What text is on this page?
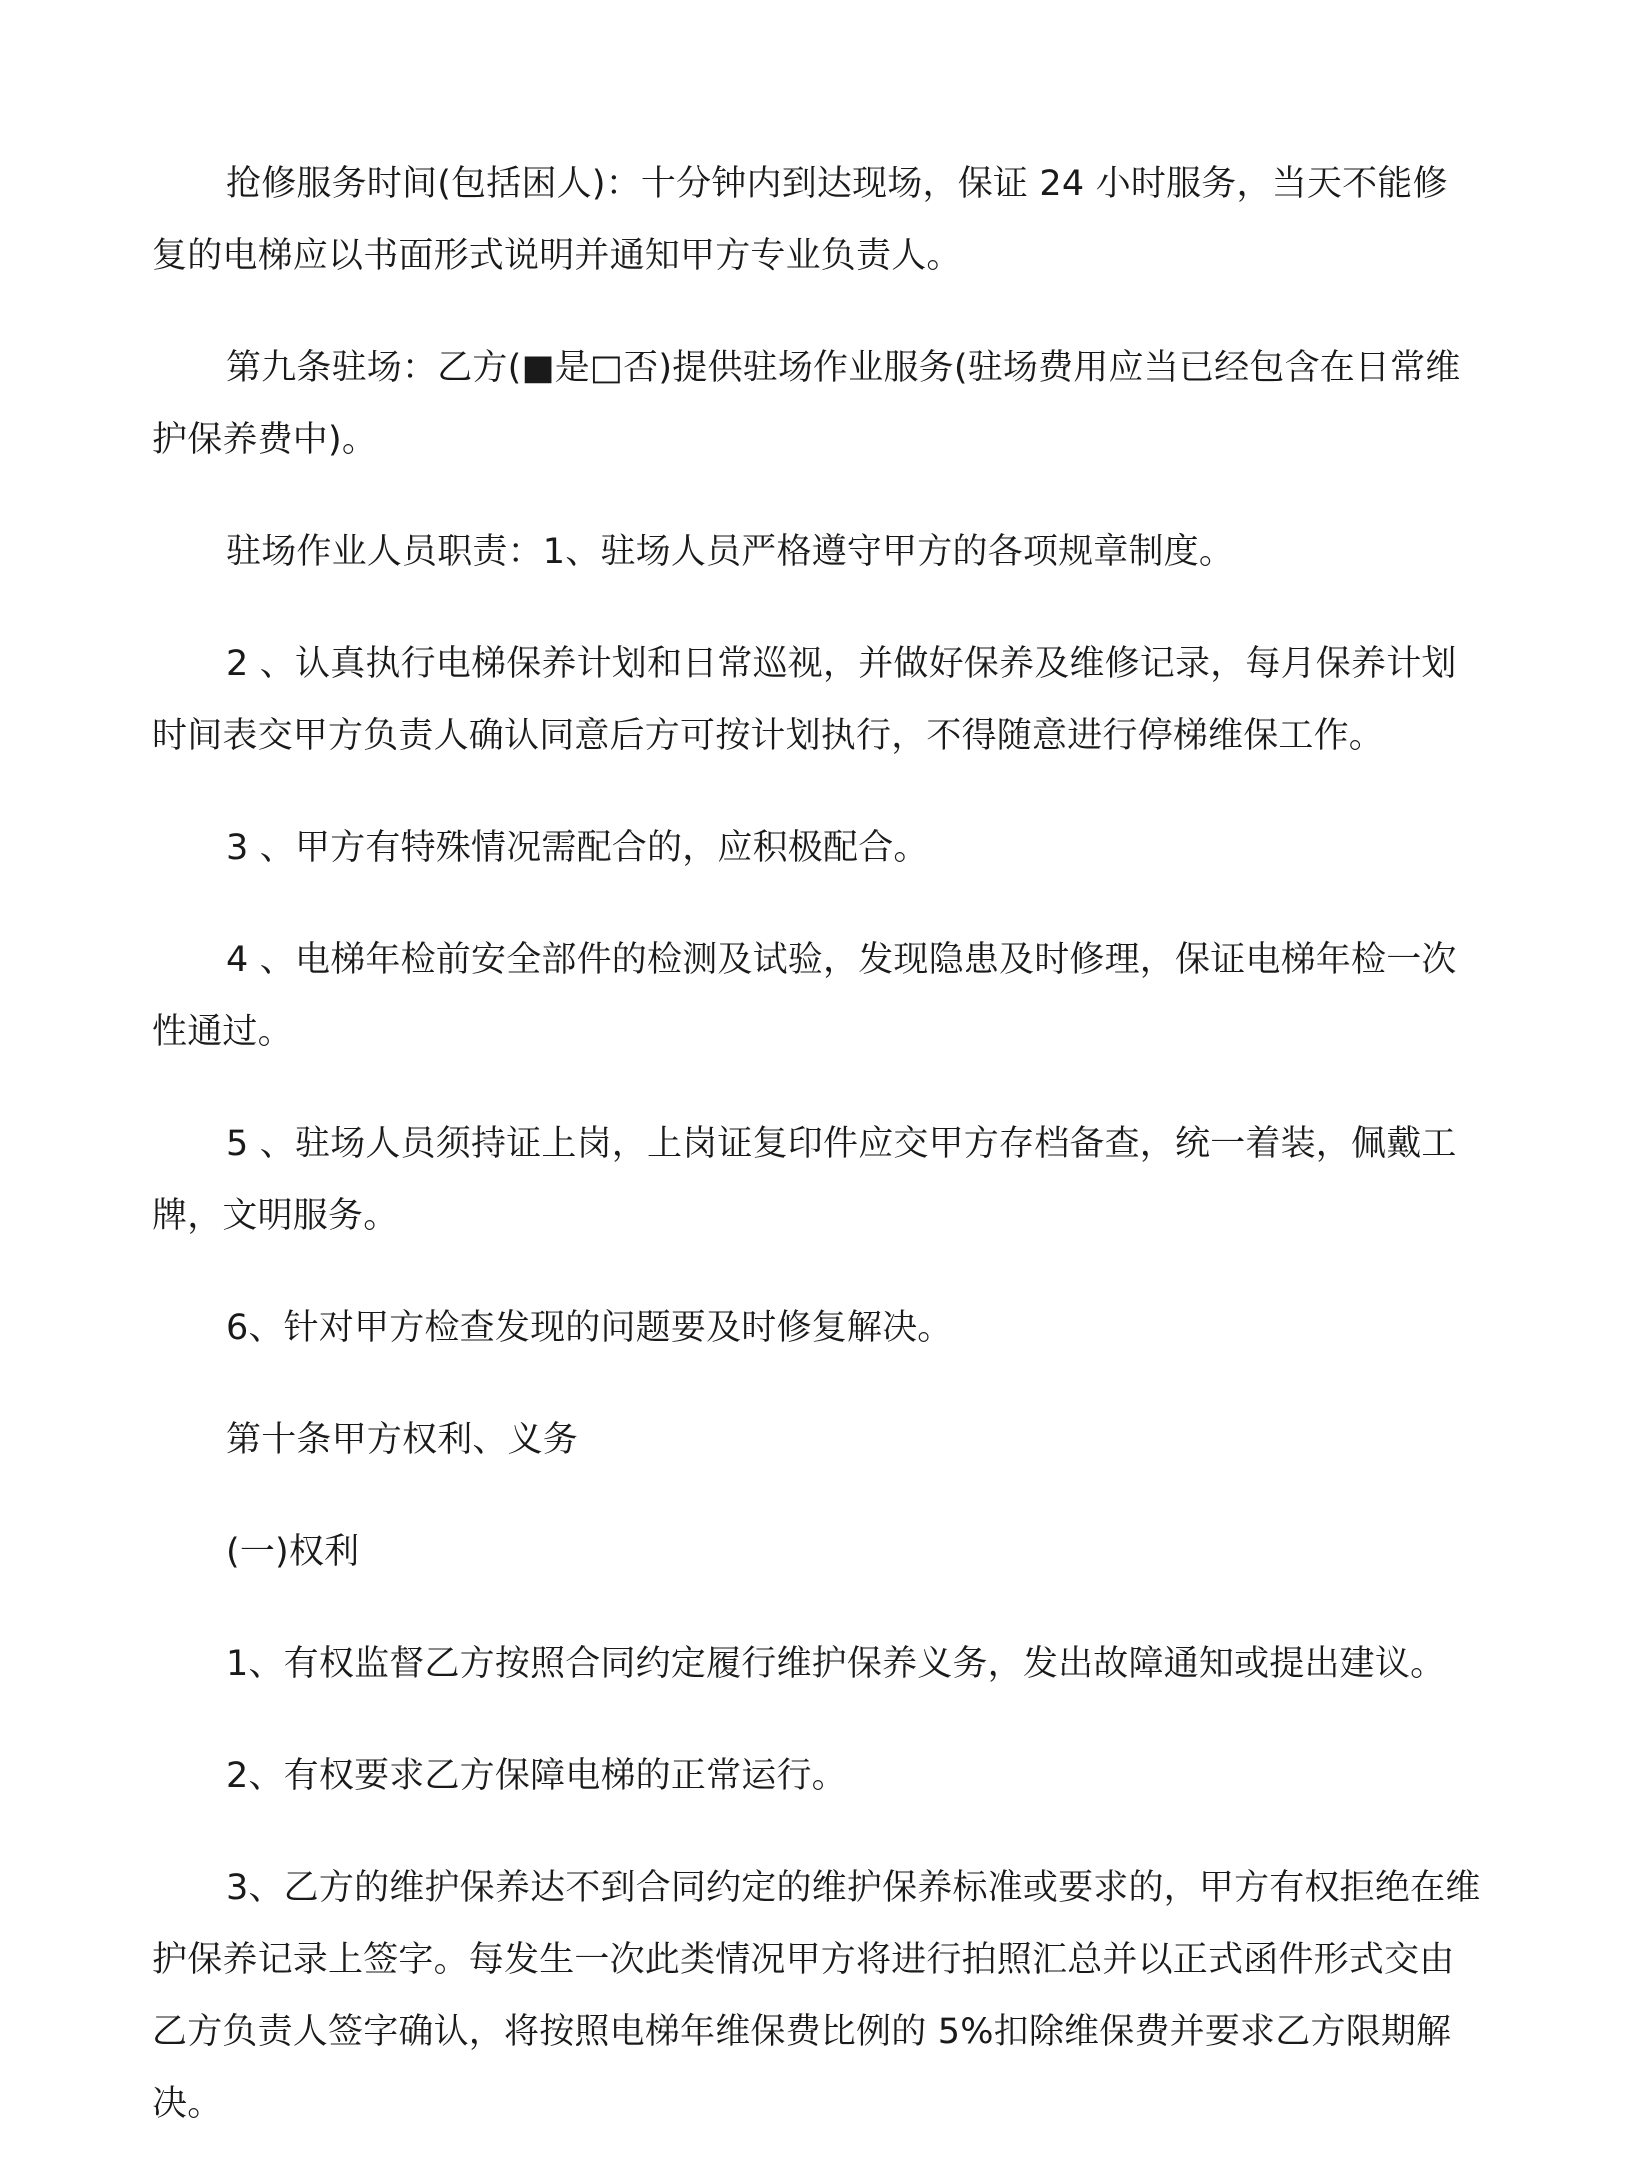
抢修服务时间(包括困人)：十分钟内到达现场，保证 24 小时服务，当天不能修复的电梯应以书面形式说明并通知甲方专业负责人。

第九条驻场：乙方(■是□否)提供驻场作业服务(驻场费用应当已经包含在日常维护保养费中)。

驻场作业人员职责：1、驻场人员严格遵守甲方的各项规章制度。

2 、认真执行电梯保养计划和日常巡视，并做好保养及维修记录，每月保养计划时间表交甲方负责人确认同意后方可按计划执行，不得随意进行停梯维保工作。

3 、甲方有特殊情况需配合的，应积极配合。

4 、电梯年检前安全部件的检测及试验，发现隐患及时修理，保证电梯年检一次性通过。

5 、驻场人员须持证上岗，上岗证复印件应交甲方存档备查，统一着装，佩戴工牌，文明服务。

6、针对甲方检查发现的问题要及时修复解决。

第十条甲方权利、义务

(一)权利

1、有权监督乙方按照合同约定履行维护保养义务，发出故障通知或提出建议。

2、有权要求乙方保障电梯的正常运行。

3、乙方的维护保养达不到合同约定的维护保养标准或要求的，甲方有权拒绝在维护保养记录上签字。每发生一次此类情况甲方将进行拍照汇总并以正式函件形式交由乙方负责人签字确认，将按照电梯年维保费比例的 5%扣除维保费并要求乙方限期解决。
